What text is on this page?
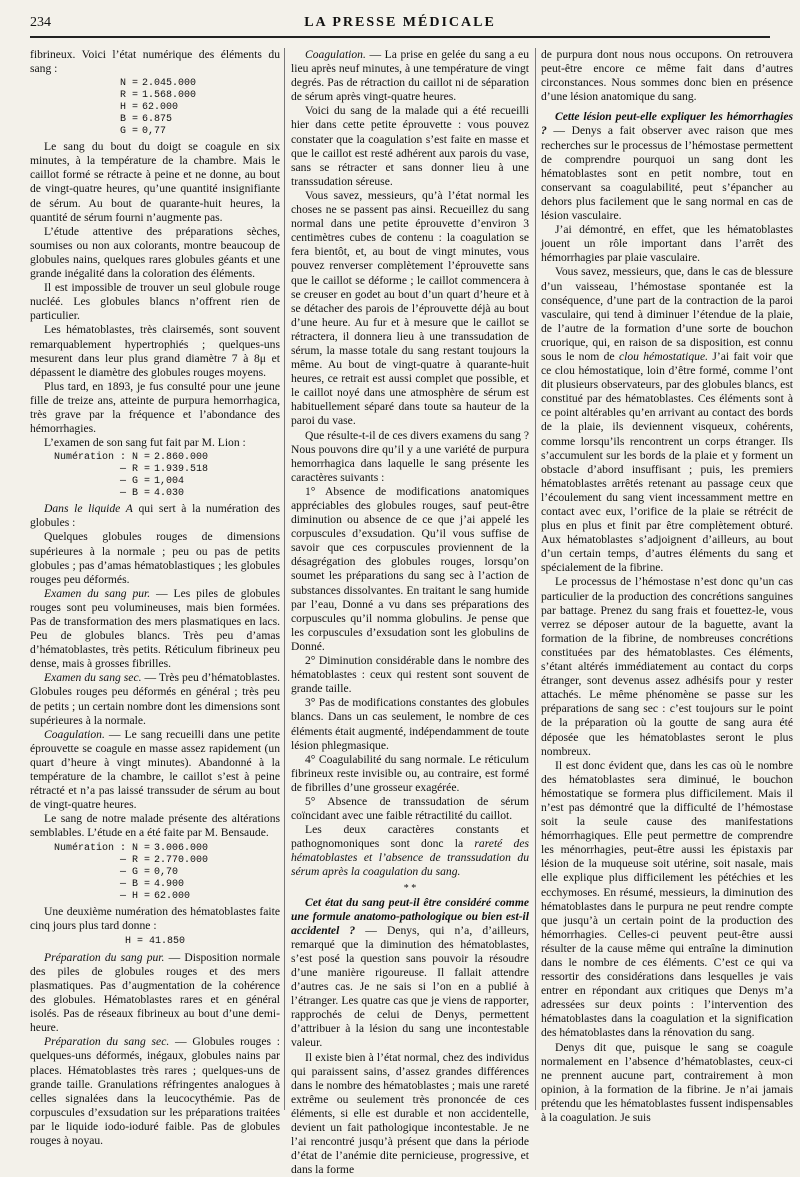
234	LA PRESSE MÉDICALE

fibrineux. Voici l’état numérique des éléments du sang :

N = 2.045.000
R = 1.568.000
H = 62.000
B = 6.875
G = 0,77

Le sang du bout du doigt se coagule en six minutes, à la température de la chambre. Mais le caillot formé se rétracte à peine et ne donne, au bout de vingt-quatre heures, qu’une quantité insignifiante de sérum. Au bout de quarante-huit heures, la quantité de sérum fourni n’augmente pas.

L’étude attentive des préparations sèches, soumises ou non aux colorants, montre beaucoup de globules nains, quelques rares globules géants et une grande inégalité dans la coloration des éléments.

Il est impossible de trouver un seul globule rouge nucléé. Les globules blancs n’offrent rien de particulier.

Les hématoblastes, très clairsemés, sont souvent remarquablement hypertrophiés ; quelques-uns mesurent dans leur plus grand diamètre 7 à 8μ et dépassent le diamètre des globules rouges moyens.

Plus tard, en 1893, je fus consulté pour une jeune fille de treize ans, atteinte de purpura hemorrhagica, très grave par la fréquence et l’abondance des hémorrhagies.

L’examen de son sang fut fait par M. Lion :

Numération : N = 2.860.000
— R = 1.939.518
— G = 1,004
— B = 4.030

Dans le liquide A qui sert à la numération des globules :

Quelques globules rouges de dimensions supérieures à la normale ; peu ou pas de petits globules ; pas d’amas hématoblastiques ; les globules rouges peu déformés.

Examen du sang pur. — Les piles de globules rouges sont peu volumineuses, mais bien formées. Pas de transformation des mers plasmatiques en lacs. Peu de globules blancs. Très peu d’amas d’hématoblastes, très petits. Réticulum fibrineux peu dense, mais à grosses fibrilles.

Examen du sang sec. — Très peu d’hématoblastes. Globules rouges peu déformés en général ; très peu de petits ; un certain nombre dont les dimensions sont supérieures à la normale.

Coagulation. — Le sang recueilli dans une petite éprouvette se coagule en masse assez rapidement (un quart d’heure à vingt minutes). Abandonné à la température de la chambre, le caillot s’est à peine rétracté et n’a pas laissé transsuder de sérum au bout de vingt-quatre heures.

Le sang de notre malade présente des altérations semblables. L’étude en a été faite par M. Bensaude.

Numération : N = 3.006.000
— R = 2.770.000
— G = 0,70
— B = 4.900
— H = 62.000

Une deuxième numération des hématoblastes faite cinq jours plus tard donne :

H = 41.850

Préparation du sang pur. — Disposition normale des piles de globules rouges et des mers plasmatiques. Pas d’augmentation de la cohérence des globules. Hématoblastes rares et en général isolés. Pas de réseaux fibrineux au bout d’une demi-heure.

Préparation du sang sec. — Globules rouges : quelques-uns déformés, inégaux, globules nains par places. Hématoblastes très rares ; quelques-uns de grande taille. Granulations réfringentes analogues à celles signalées dans la leucocythémie. Pas de corpuscules d’exsudation sur les préparations traitées par le liquide iodo-ioduré faible. Pas de globules rouges à noyau.

Coagulation. — La prise en gelée du sang a eu lieu après neuf minutes, à une température de vingt degrés. Pas de rétraction du caillot ni de séparation de sérum après vingt-quatre heures.

Voici du sang de la malade qui a été recueilli hier dans cette petite éprouvette : vous pouvez constater que la coagulation s’est faite en masse et que le caillot est resté adhérent aux parois du vase, sans se rétracter et sans donner lieu à une transsudation séreuse.

Vous savez, messieurs, qu’à l’état normal les choses ne se passent pas ainsi. Recueillez du sang normal dans une petite éprouvette d’environ 3 centimètres cubes de contenu : la coagulation se fera bientôt, et, au bout de vingt minutes, vous pouvez renverser complètement l’éprouvette sans que le caillot se déforme ; le caillot commencera à se creuser en godet au bout d’un quart d’heure et à se détacher des parois de l’éprouvette déjà au bout d’une heure. Au fur et à mesure que le caillot se rétractera, il donnera lieu à une transsudation de sérum, la masse totale du sang restant toujours la même. Au bout de vingt-quatre à quarante-huit heures, ce retrait est aussi complet que possible, et le caillot noyé dans une atmosphère de sérum est habituellement séparé dans toute sa hauteur de la paroi du vase.

Que résulte-t-il de ces divers examens du sang ? Nous pouvons dire qu’il y a une variété de purpura hemorrhagica dans laquelle le sang présente les caractères suivants :

1° Absence de modifications anatomiques appréciables des globules rouges, sauf peut-être diminution ou absence de ce que j’ai appelé les corpuscules d’exsudation. Qu’il vous suffise de savoir que ces corpuscules proviennent de la désagrégation des globules rouges, lorsqu’on soumet les préparations du sang sec à l’action de substances dissolvantes. En traitant le sang humide par l’eau, Donné a vu dans ses préparations des corpuscules qu’il nomma globulins. Je pense que les corpuscules d’exsudation sont les globulins de Donné.

2° Diminution considérable dans le nombre des hématoblastes : ceux qui restent sont souvent de grande taille.

3° Pas de modifications constantes des globules blancs. Dans un cas seulement, le nombre de ces éléments était augmenté, indépendamment de toute lésion phlegmasique.

4° Coagulabilité du sang normale. Le réticulum fibrineux reste invisible ou, au contraire, est formé de fibrilles d’une grosseur exagérée.

5° Absence de transsudation de sérum coïncidant avec une faible rétractilité du caillot.

Les deux caractères constants et pathognomoniques sont donc la rareté des hématoblastes et l’absence de transsudation du sérum après la coagulation du sang.

* *

Cet état du sang peut-il être considéré comme une formule anatomo-pathologique ou bien est-il accidentel ? — Denys, qui n’a, d’ailleurs, remarqué que la diminution des hématoblastes, s’est posé la question sans pouvoir la résoudre d’une manière rigoureuse. Il fallait attendre d’autres cas. Je ne sais si l’on en a publié à l’étranger. Les quatre cas que je viens de rapporter, rapprochés de celui de Denys, permettent d’attribuer à la lésion du sang une incontestable valeur.

Il existe bien à l’état normal, chez des individus qui paraissent sains, d’assez grandes différences dans le nombre des hématoblastes ; mais une rareté extrême ou seulement très prononcée de ces éléments, si elle est durable et non accidentelle, devient un fait pathologique incontestable. Je ne l’ai rencontré jusqu’à présent que dans la période d’état de l’anémie dite pernicieuse, progressive, et dans la forme

de purpura dont nous nous occupons. On retrouvera peut-être encore ce même fait dans d’autres circonstances. Nous sommes donc bien en présence d’une lésion anatomique du sang.

Cette lésion peut-elle expliquer les hémorrhagies ? — Denys a fait observer avec raison que mes recherches sur le processus de l’hémostase permettent de comprendre pourquoi un sang dont les hématoblastes sont en petit nombre, tout en conservant sa coagulabilité, peut s’épancher au dehors plus facilement que le sang normal en cas de lésion vasculaire.

J’ai démontré, en effet, que les hématoblastes jouent un rôle important dans l’arrêt des hémorrhagies par plaie vasculaire.

Vous savez, messieurs, que, dans le cas de blessure d’un vaisseau, l’hémostase spontanée est la conséquence, d’une part de la contraction de la paroi vasculaire, qui tend à diminuer l’étendue de la plaie, de l’autre de la formation d’une sorte de bouchon cruorique, qui, en raison de sa disposition, est connu sous le nom de clou hémostatique. J’ai fait voir que ce clou hémostatique, loin d’être formé, comme l’ont dit plusieurs observateurs, par des globules blancs, est constitué par des hématoblastes. Ces éléments sont à ce point altérables qu’en arrivant au contact des bords de la plaie, ils deviennent visqueux, cohérents, comme lorsqu’ils rencontrent un corps étranger. Ils s’accumulent sur les bords de la plaie et y forment un obstacle d’abord insuffisant ; puis, les premiers hématoblastes arrêtés retenant au passage ceux que l’écoulement du sang vient incessamment mettre en contact avec eux, l’orifice de la plaie se rétrécit de plus en plus et finit par être complètement obturé. Aux hématoblastes s’adjoignent d’ailleurs, au bout d’un certain temps, d’autres éléments du sang et spécialement de la fibrine.

Le processus de l’hémostase n’est donc qu’un cas particulier de la production des concrétions sanguines par battage. Prenez du sang frais et fouettez-le, vous verrez se déposer autour de la baguette, avant la formation de la fibrine, de nombreuses concrétions constituées par des hématoblastes. Ces éléments, s’étant altérés immédiatement au contact du corps étranger, sont devenus assez adhésifs pour y rester attachés. Le même phénomène se passe sur les préparations de sang sec : c’est toujours sur le point de la préparation où la goutte de sang aura été déposée que les hématoblastes seront le plus nombreux.

Il est donc évident que, dans les cas où le nombre des hématoblastes sera diminué, le bouchon hémostatique se formera plus difficilement. Mais il n’est pas démontré que la difficulté de l’hémostase soit la seule cause des manifestations hémorrhagiques. Elle peut permettre de comprendre les ménorrhagies, peut-être aussi les épistaxis par lésion de la muqueuse soit utérine, soit nasale, mais elle explique plus difficilement les pétéchies et les ecchymoses. En résumé, messieurs, la diminution des hématoblastes dans le purpura ne peut rendre compte que jusqu’à un certain point de la production des hémorrhagies. Celles-ci peuvent peut-être aussi résulter de la cause même qui entraîne la diminution dans le nombre de ces éléments. C’est ce qui va ressortir des considérations dans lesquelles je vais entrer en répondant aux critiques que Denys m’a adressées sur deux points : l’intervention des hématoblastes dans la coagulation et la signification des hématoblastes dans la rénovation du sang.

Denys dit que, puisque le sang se coagule normalement en l’absence d’hématoblastes, ceux-ci ne prennent aucune part, contrairement à mon opinion, à la formation de la fibrine. Je n’ai jamais prétendu que les hématoblastes fussent indispensables à la coagulation. Je suis
